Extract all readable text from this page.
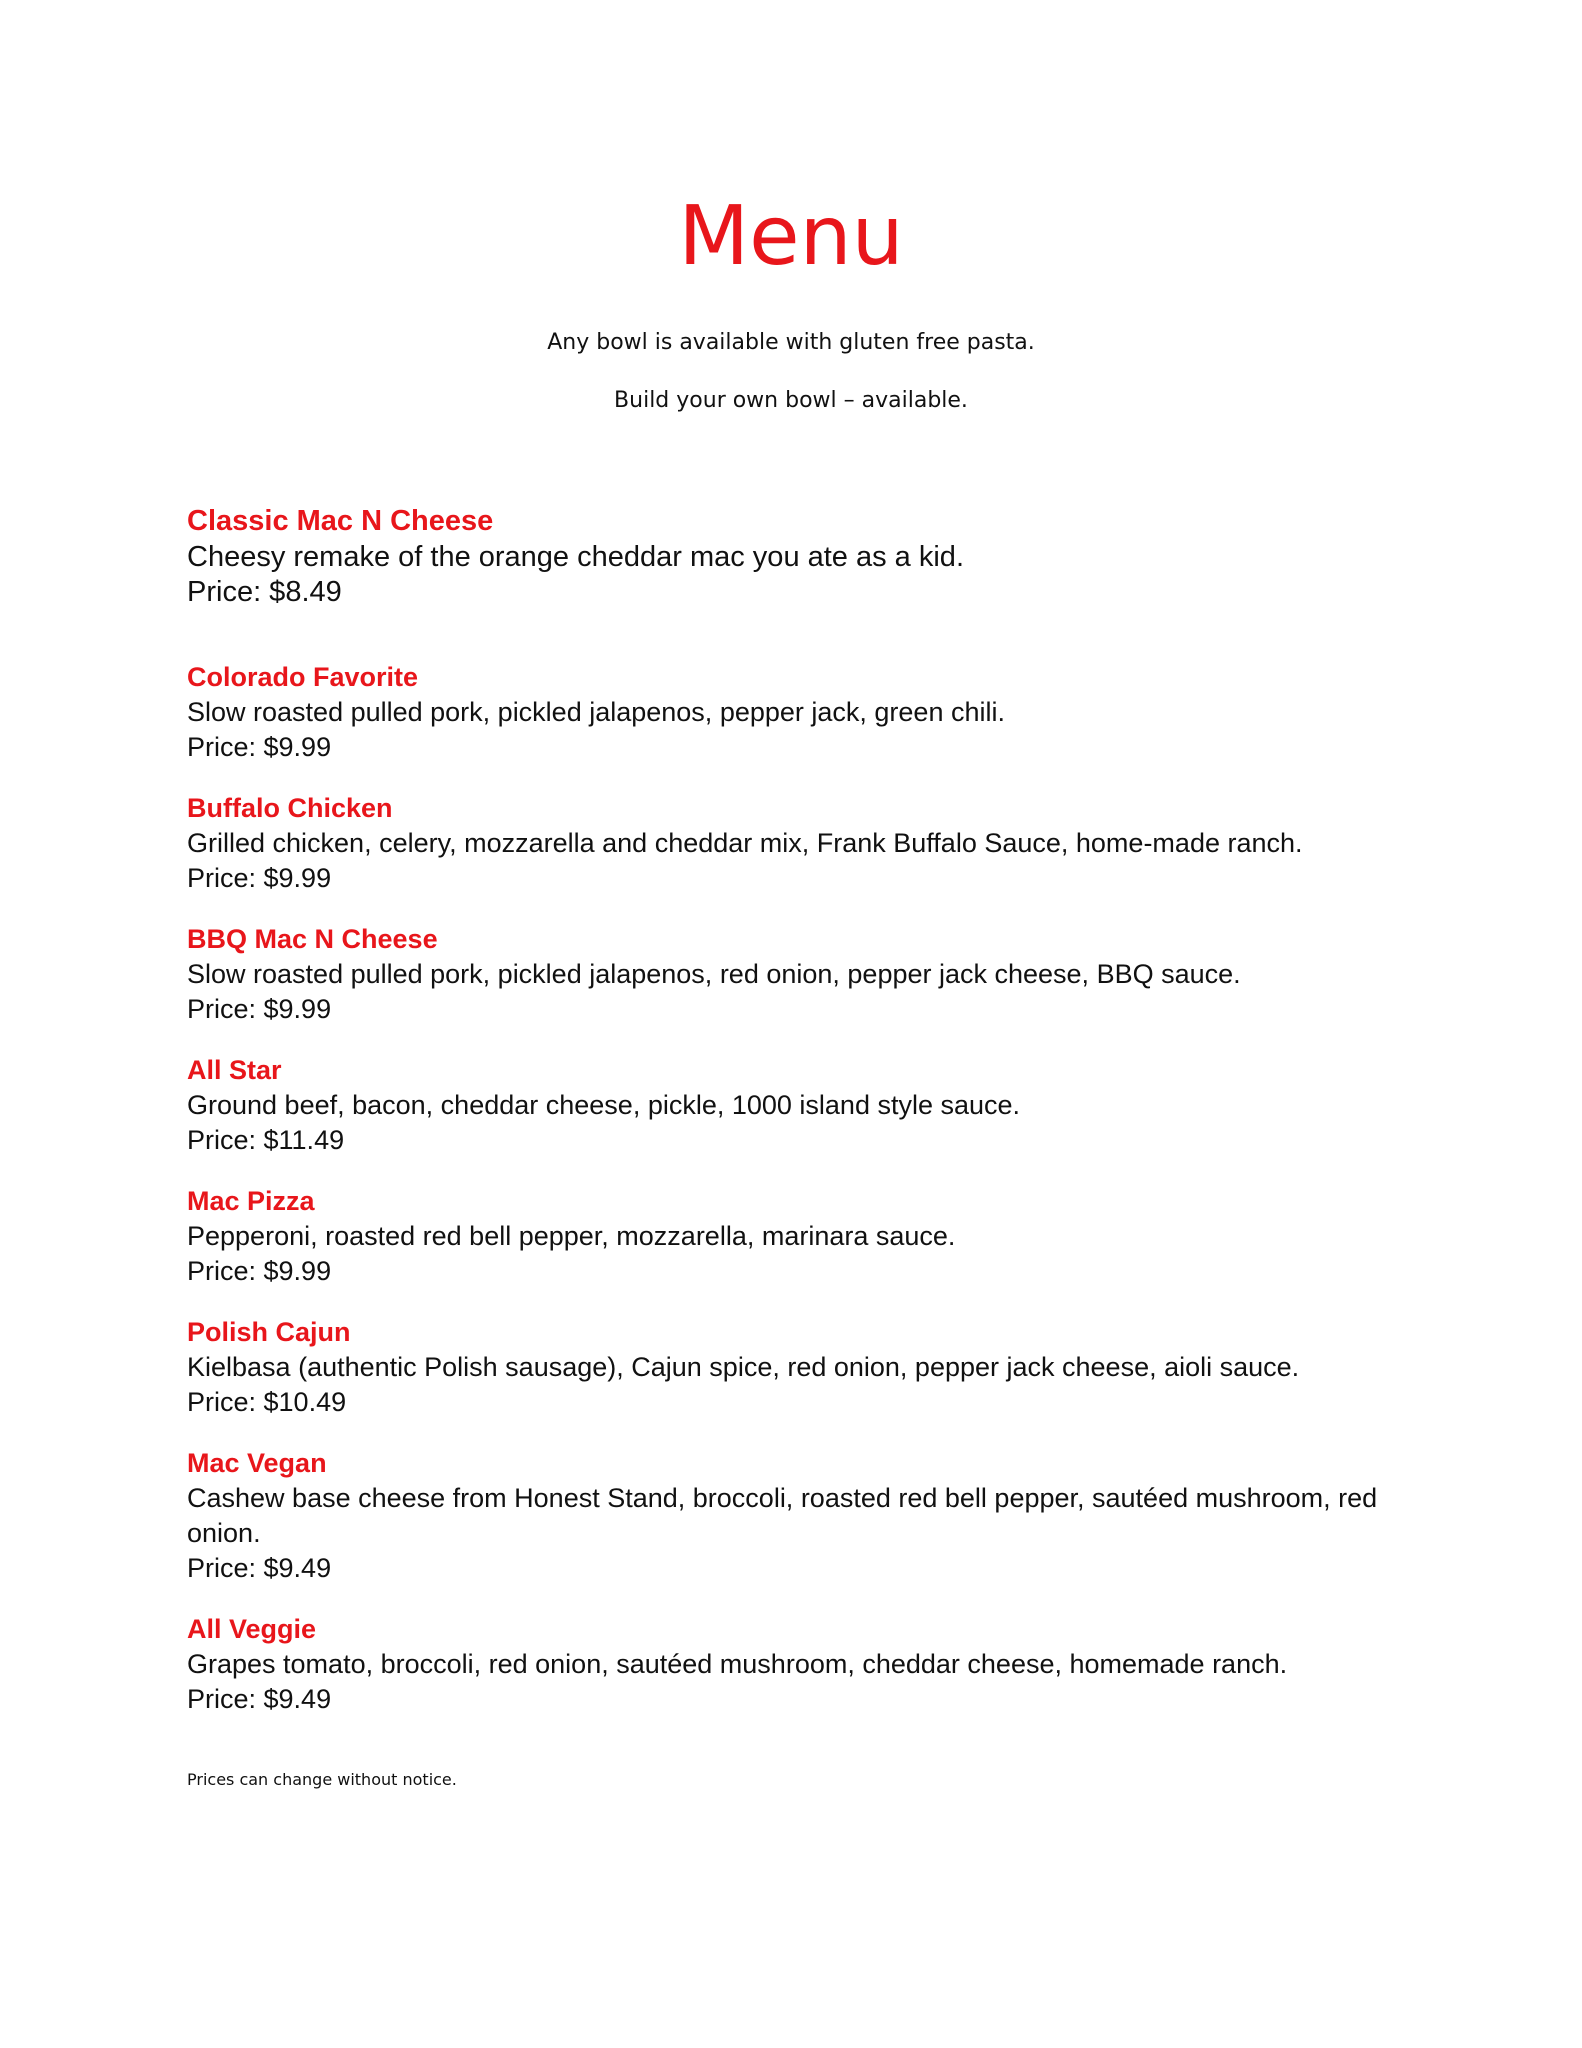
Menu
Any bowl is available with gluten free pasta.
Build your own bowl – available.
Classic Mac N Cheese
Cheesy remake of the orange cheddar mac you ate as a kid.
Price: $8.49
Colorado Favorite
Slow roasted pulled pork, pickled jalapenos, pepper jack, green chili.
Price: $9.99
Buffalo Chicken
Grilled chicken, celery, mozzarella and cheddar mix, Frank Buffalo Sauce, home-made ranch.
Price: $9.99
BBQ Mac N Cheese
Slow roasted pulled pork, pickled jalapenos, red onion, pepper jack cheese, BBQ sauce.
Price: $9.99
All Star
Ground beef, bacon, cheddar cheese, pickle, 1000 island style sauce.
Price: $11.49
Mac Pizza
Pepperoni, roasted red bell pepper, mozzarella, marinara sauce.
Price: $9.99
Polish Cajun
Kielbasa (authentic Polish sausage), Cajun spice, red onion, pepper jack cheese, aioli sauce.
Price: $10.49
Mac Vegan
Cashew base cheese from Honest Stand, broccoli, roasted red bell pepper, sautéed mushroom, red onion.
Price: $9.49
All Veggie
Grapes tomato, broccoli, red onion, sautéed mushroom, cheddar cheese, homemade ranch.
Price: $9.49
Prices can change without notice.
